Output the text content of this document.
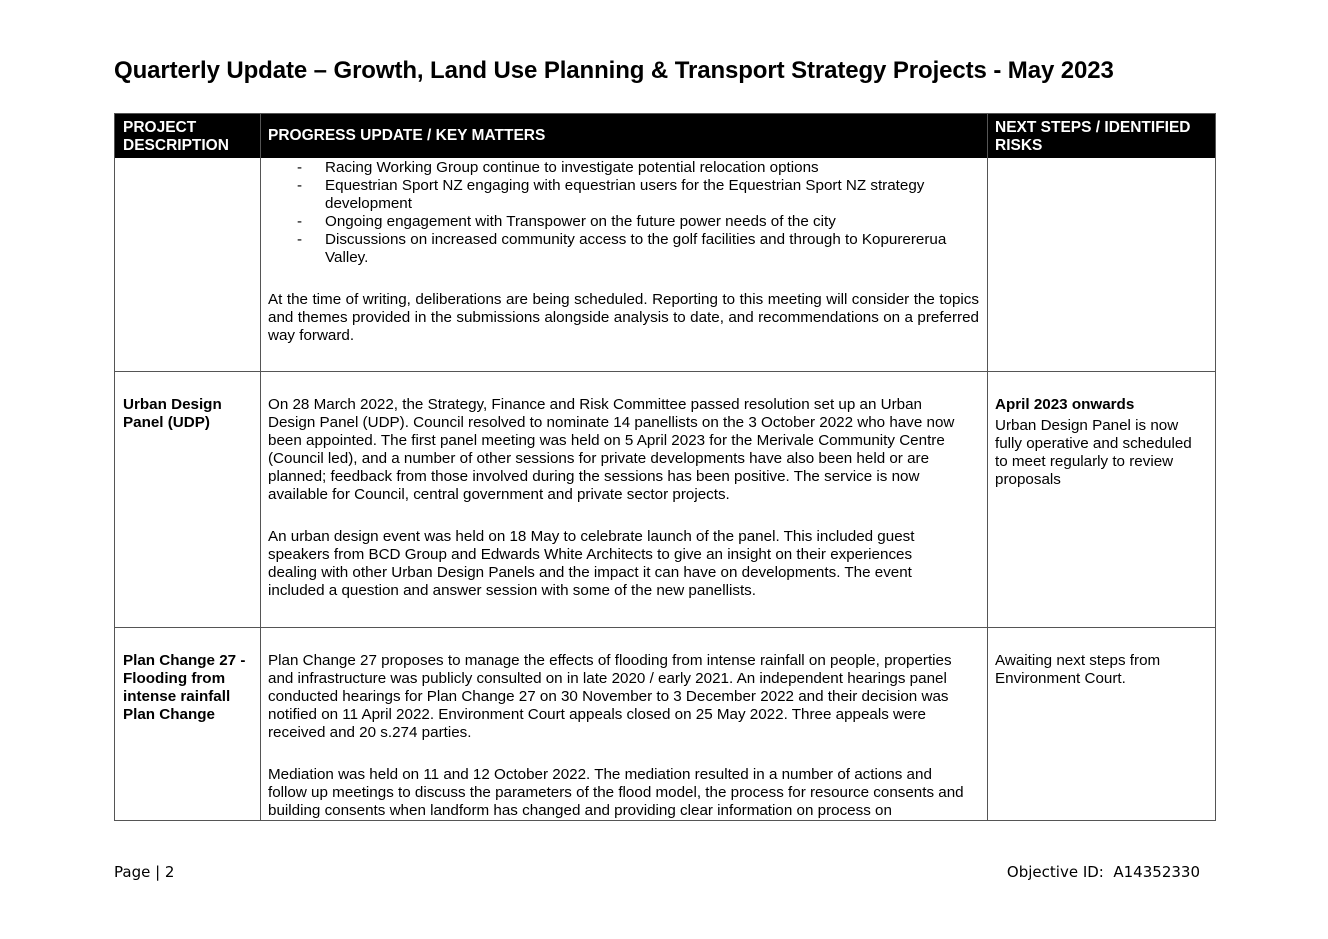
Quarterly Update – Growth, Land Use Planning & Transport Strategy Projects - May 2023
PROJECT DESCRIPTION
PROGRESS UPDATE / KEY MATTERS	NEXT STEPS / IDENTIFIED RISKS
- Racing Working Group continue to investigate potential relocation options
- Equestrian Sport NZ engaging with equestrian users for the Equestrian Sport NZ strategy development
- Ongoing engagement with Transpower on the future power needs of the city
- Discussions on increased community access to the golf facilities and through to Kopurererua Valley.

At the time of writing, deliberations are being scheduled. Reporting to this meeting will consider the topics and themes provided in the submissions alongside analysis to date, and recommendations on a preferred way forward.

Urban Design Panel (UDP)

On 28 March 2022, the Strategy, Finance and Risk Committee passed resolution set up an Urban Design Panel (UDP). Council resolved to nominate 14 panellists on the 3 October 2022 who have now been appointed. The first panel meeting was held on 5 April 2023 for the Merivale Community Centre (Council led), and a number of other sessions for private developments have also been held or are planned; feedback from those involved during the sessions has been positive. The service is now available for Council, central government and private sector projects.

An urban design event was held on 18 May to celebrate launch of the panel. This included guest speakers from BCD Group and Edwards White Architects to give an insight on their experiences dealing with other Urban Design Panels and the impact it can have on developments. The event included a question and answer session with some of the new panellists.

April 2023 onwards

Urban Design Panel is now fully operative and scheduled to meet regularly to review proposals

Plan Change 27 - Flooding from intense rainfall Plan Change

Plan Change 27 proposes to manage the effects of flooding from intense rainfall on people, properties and infrastructure was publicly consulted on in late 2020 / early 2021. An independent hearings panel conducted hearings for Plan Change 27 on 30 November to 3 December 2022 and their decision was notified on 11 April 2022. Environment Court appeals closed on 25 May 2022. Three appeals were received and 20 s.274 parties.

Mediation was held on 11 and 12 October 2022. The mediation resulted in a number of actions and follow up meetings to discuss the parameters of the flood model, the process for resource consents and building consents when landform has changed and providing clear information on process on

Awaiting next steps from Environment Court.

Page | 2	Objective ID:  A14352330
